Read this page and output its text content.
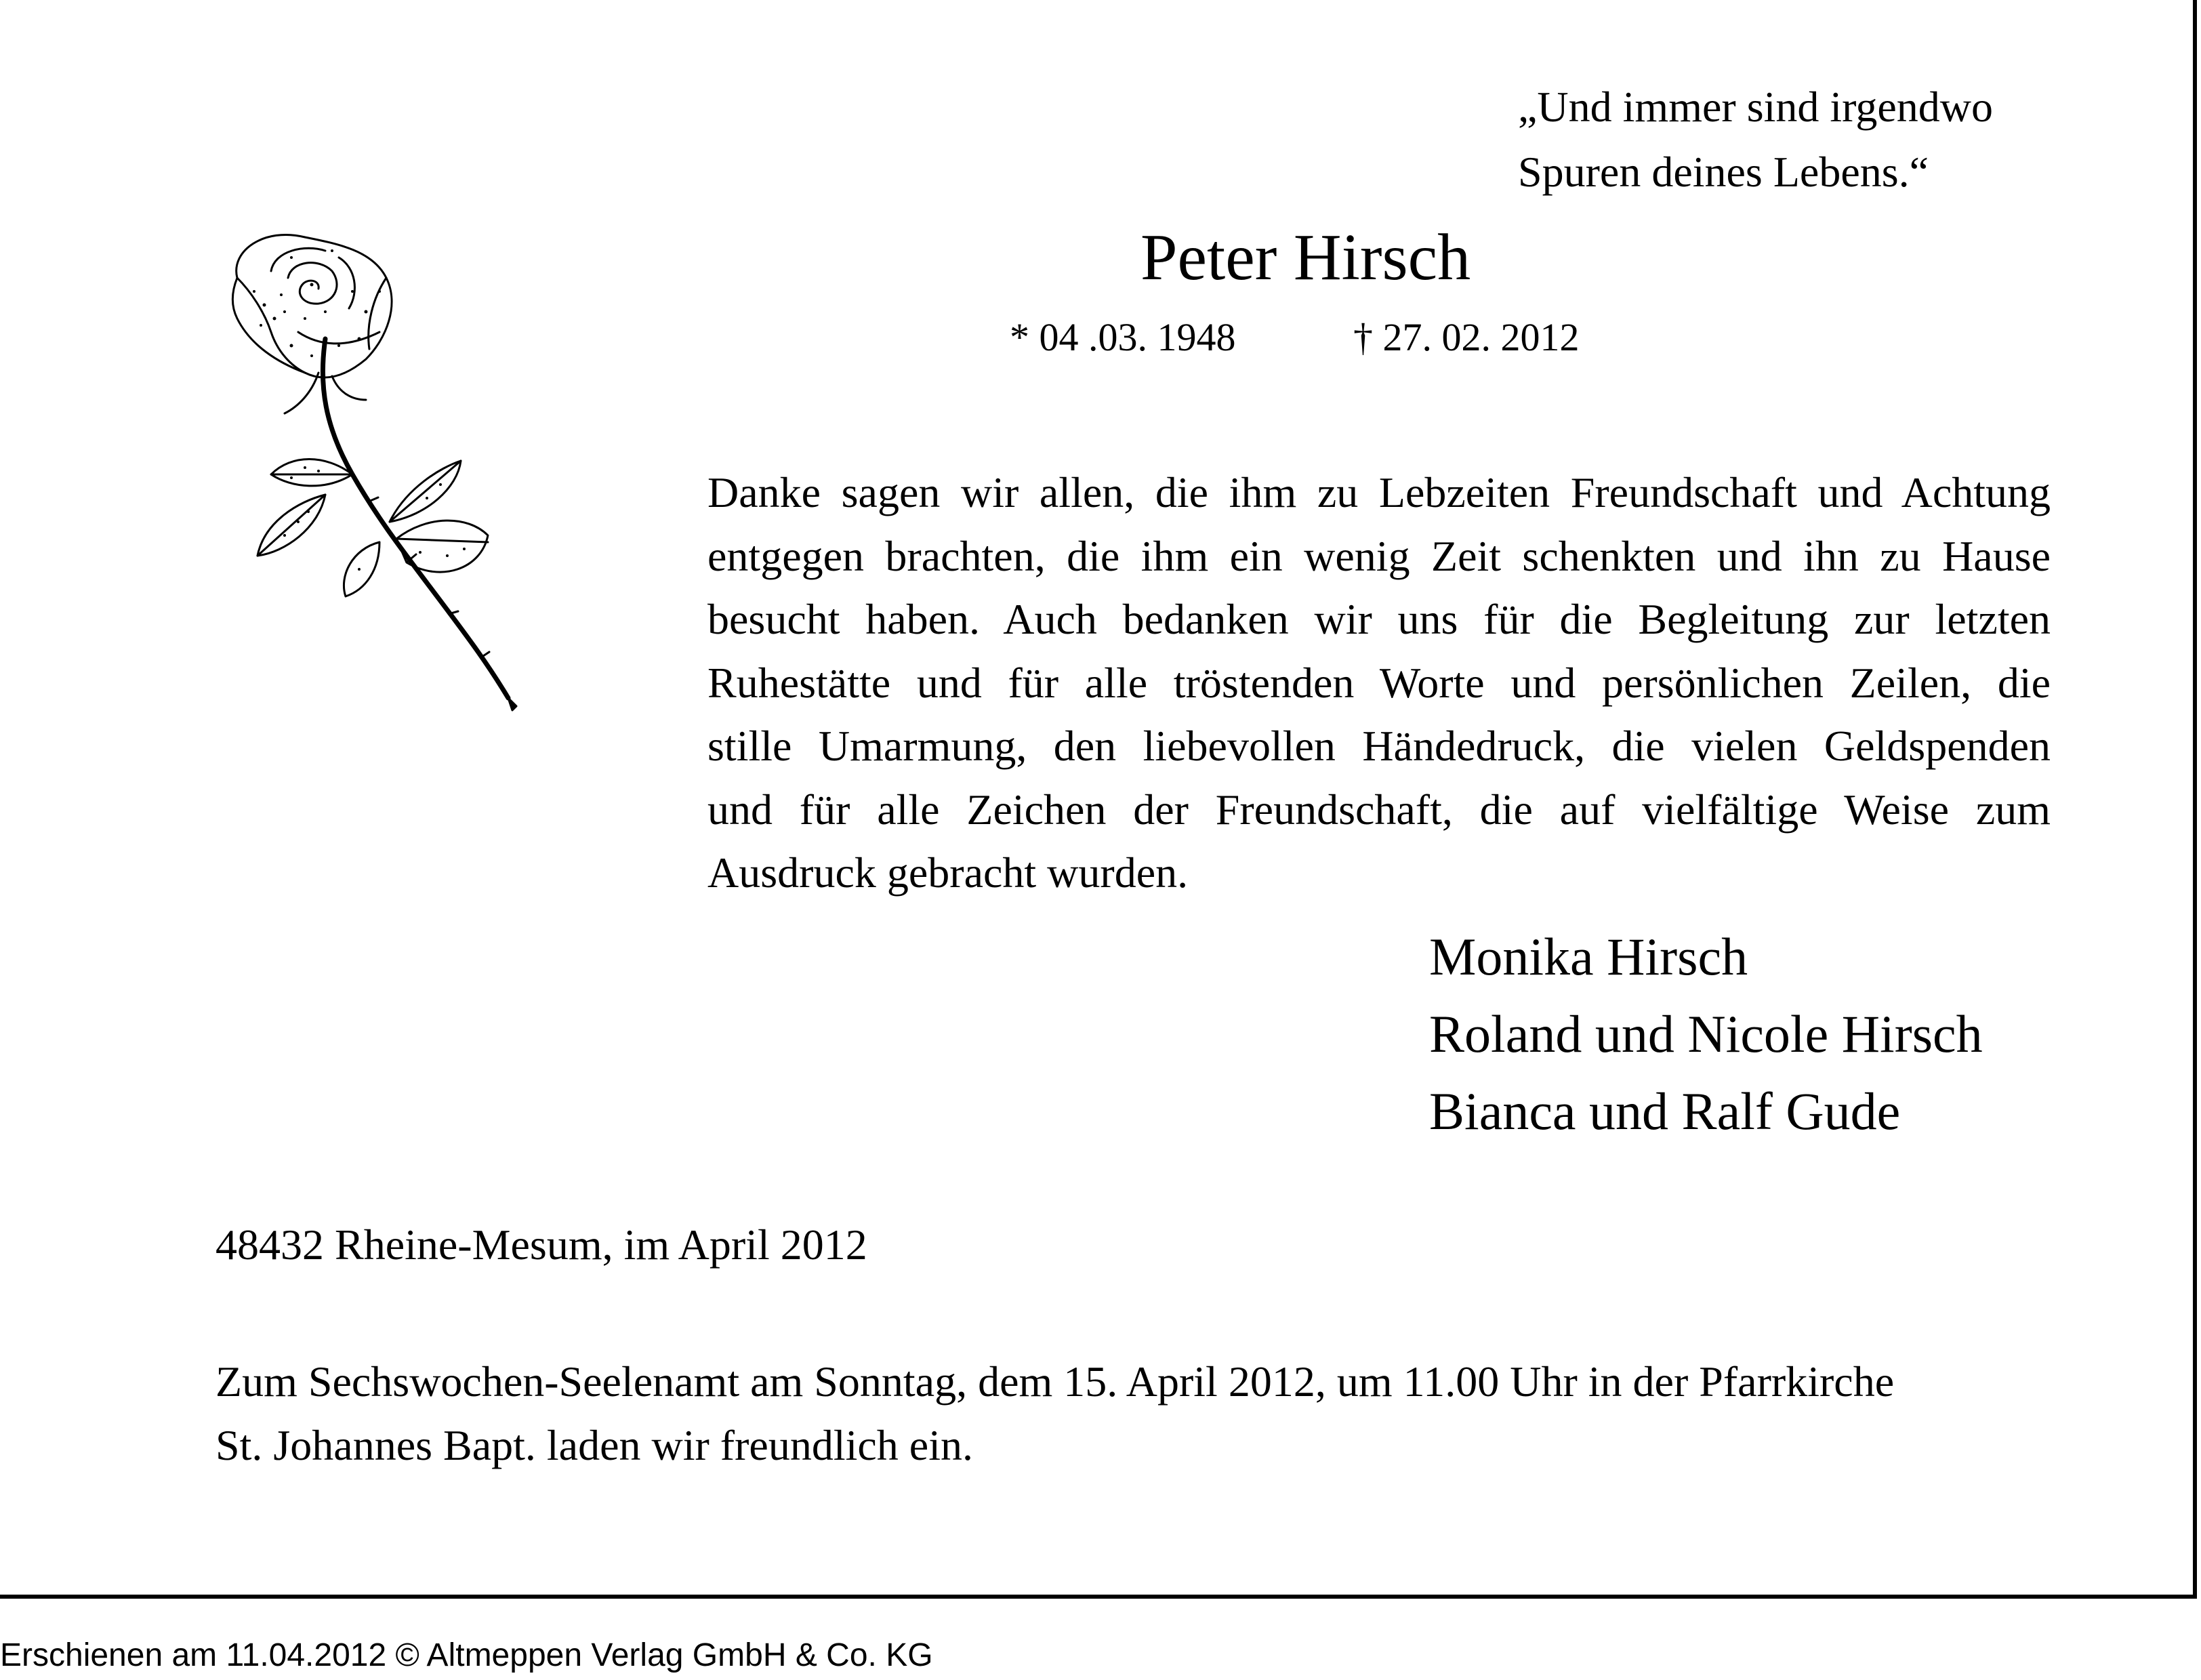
„Und immer sind irgendwo
Spuren deines Lebens.“
Peter Hirsch
* 04 .03. 1948	† 27. 02. 2012
Danke sagen wir allen, die ihm zu Lebzeiten Freundschaft und Achtung
entgegen brachten, die ihm ein wenig Zeit schenkten und ihn zu Hause
besucht haben. Auch bedanken wir uns für die Begleitung zur letzten
Ruhestätte und für alle tröstenden Worte und persönlichen Zeilen, die
stille Umarmung, den liebevollen Händedruck, die vielen Geldspenden
und für alle Zeichen der Freundschaft, die auf vielfältige Weise zum
Ausdruck gebracht wurden.
Monika Hirsch
Roland und Nicole Hirsch
Bianca und Ralf Gude
48432 Rheine-Mesum, im April 2012
Zum Sechswochen-Seelenamt am Sonntag, dem 15. April 2012, um 11.00 Uhr in der Pfarrkirche
St. Johannes Bapt. laden wir freundlich ein.
Erschienen am 11.04.2012 © Altmeppen Verlag GmbH & Co. KG
